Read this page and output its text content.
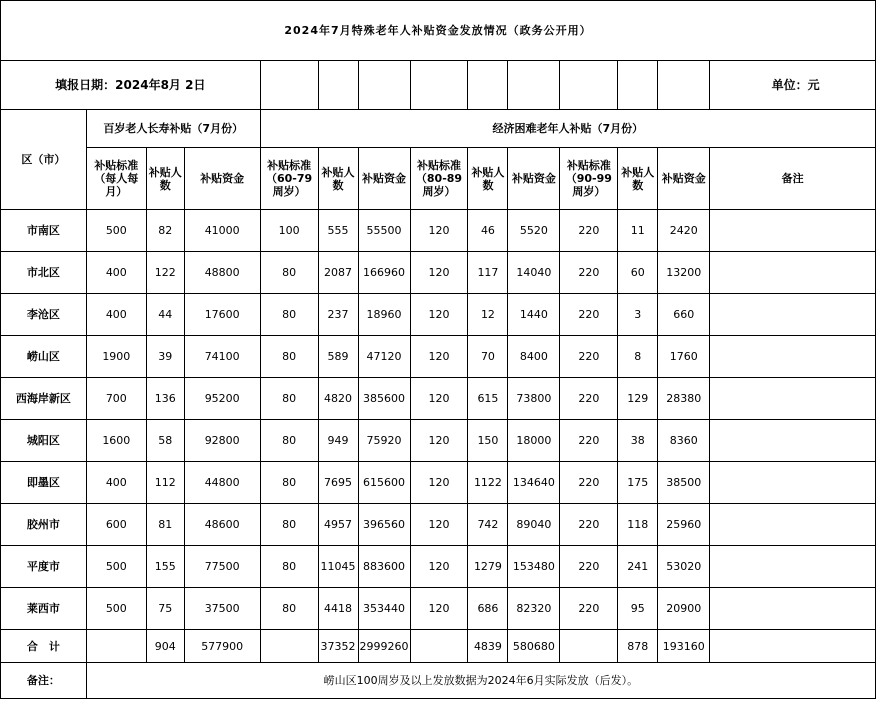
2024年7月特殊老年人补贴资金发放情况（政务公开用）													
填报日期：2024年8月 2日													单位：元
区（市）	百岁老人长寿补贴（7月份）			经济困难老年人补贴（7月份）									
	补贴标准（每人每月）	补贴人数	补贴资金	补贴标准（60-79周岁）	补贴人数	补贴资金	补贴标准（80-89周岁）	补贴人数	补贴资金	补贴标准（90-99周岁）	补贴人数	补贴资金	备注
市南区	500	82	41000	100	555	55500	120	46	5520	220	11	2420	
市北区	400	122	48800	80	2087	166960	120	117	14040	220	60	13200	
李沧区	400	44	17600	80	237	18960	120	12	1440	220	3	660	
崂山区	1900	39	74100	80	589	47120	120	70	8400	220	8	1760	
西海岸新区	700	136	95200	80	4820	385600	120	615	73800	220	129	28380	
城阳区	1600	58	92800	80	949	75920	120	150	18000	220	38	8360	
即墨区	400	112	44800	80	7695	615600	120	1122	134640	220	175	38500	
胶州市	600	81	48600	80	4957	396560	120	742	89040	220	118	25960	
平度市	500	155	77500	80	11045	883600	120	1279	153480	220	241	53020	
莱西市	500	75	37500	80	4418	353440	120	686	82320	220	95	20900	
合　计		904	577900		37352	2999260		4839	580680		878	193160	
备注：	崂山区100周岁及以上发放数据为2024年6月实际发放（后发）。												
